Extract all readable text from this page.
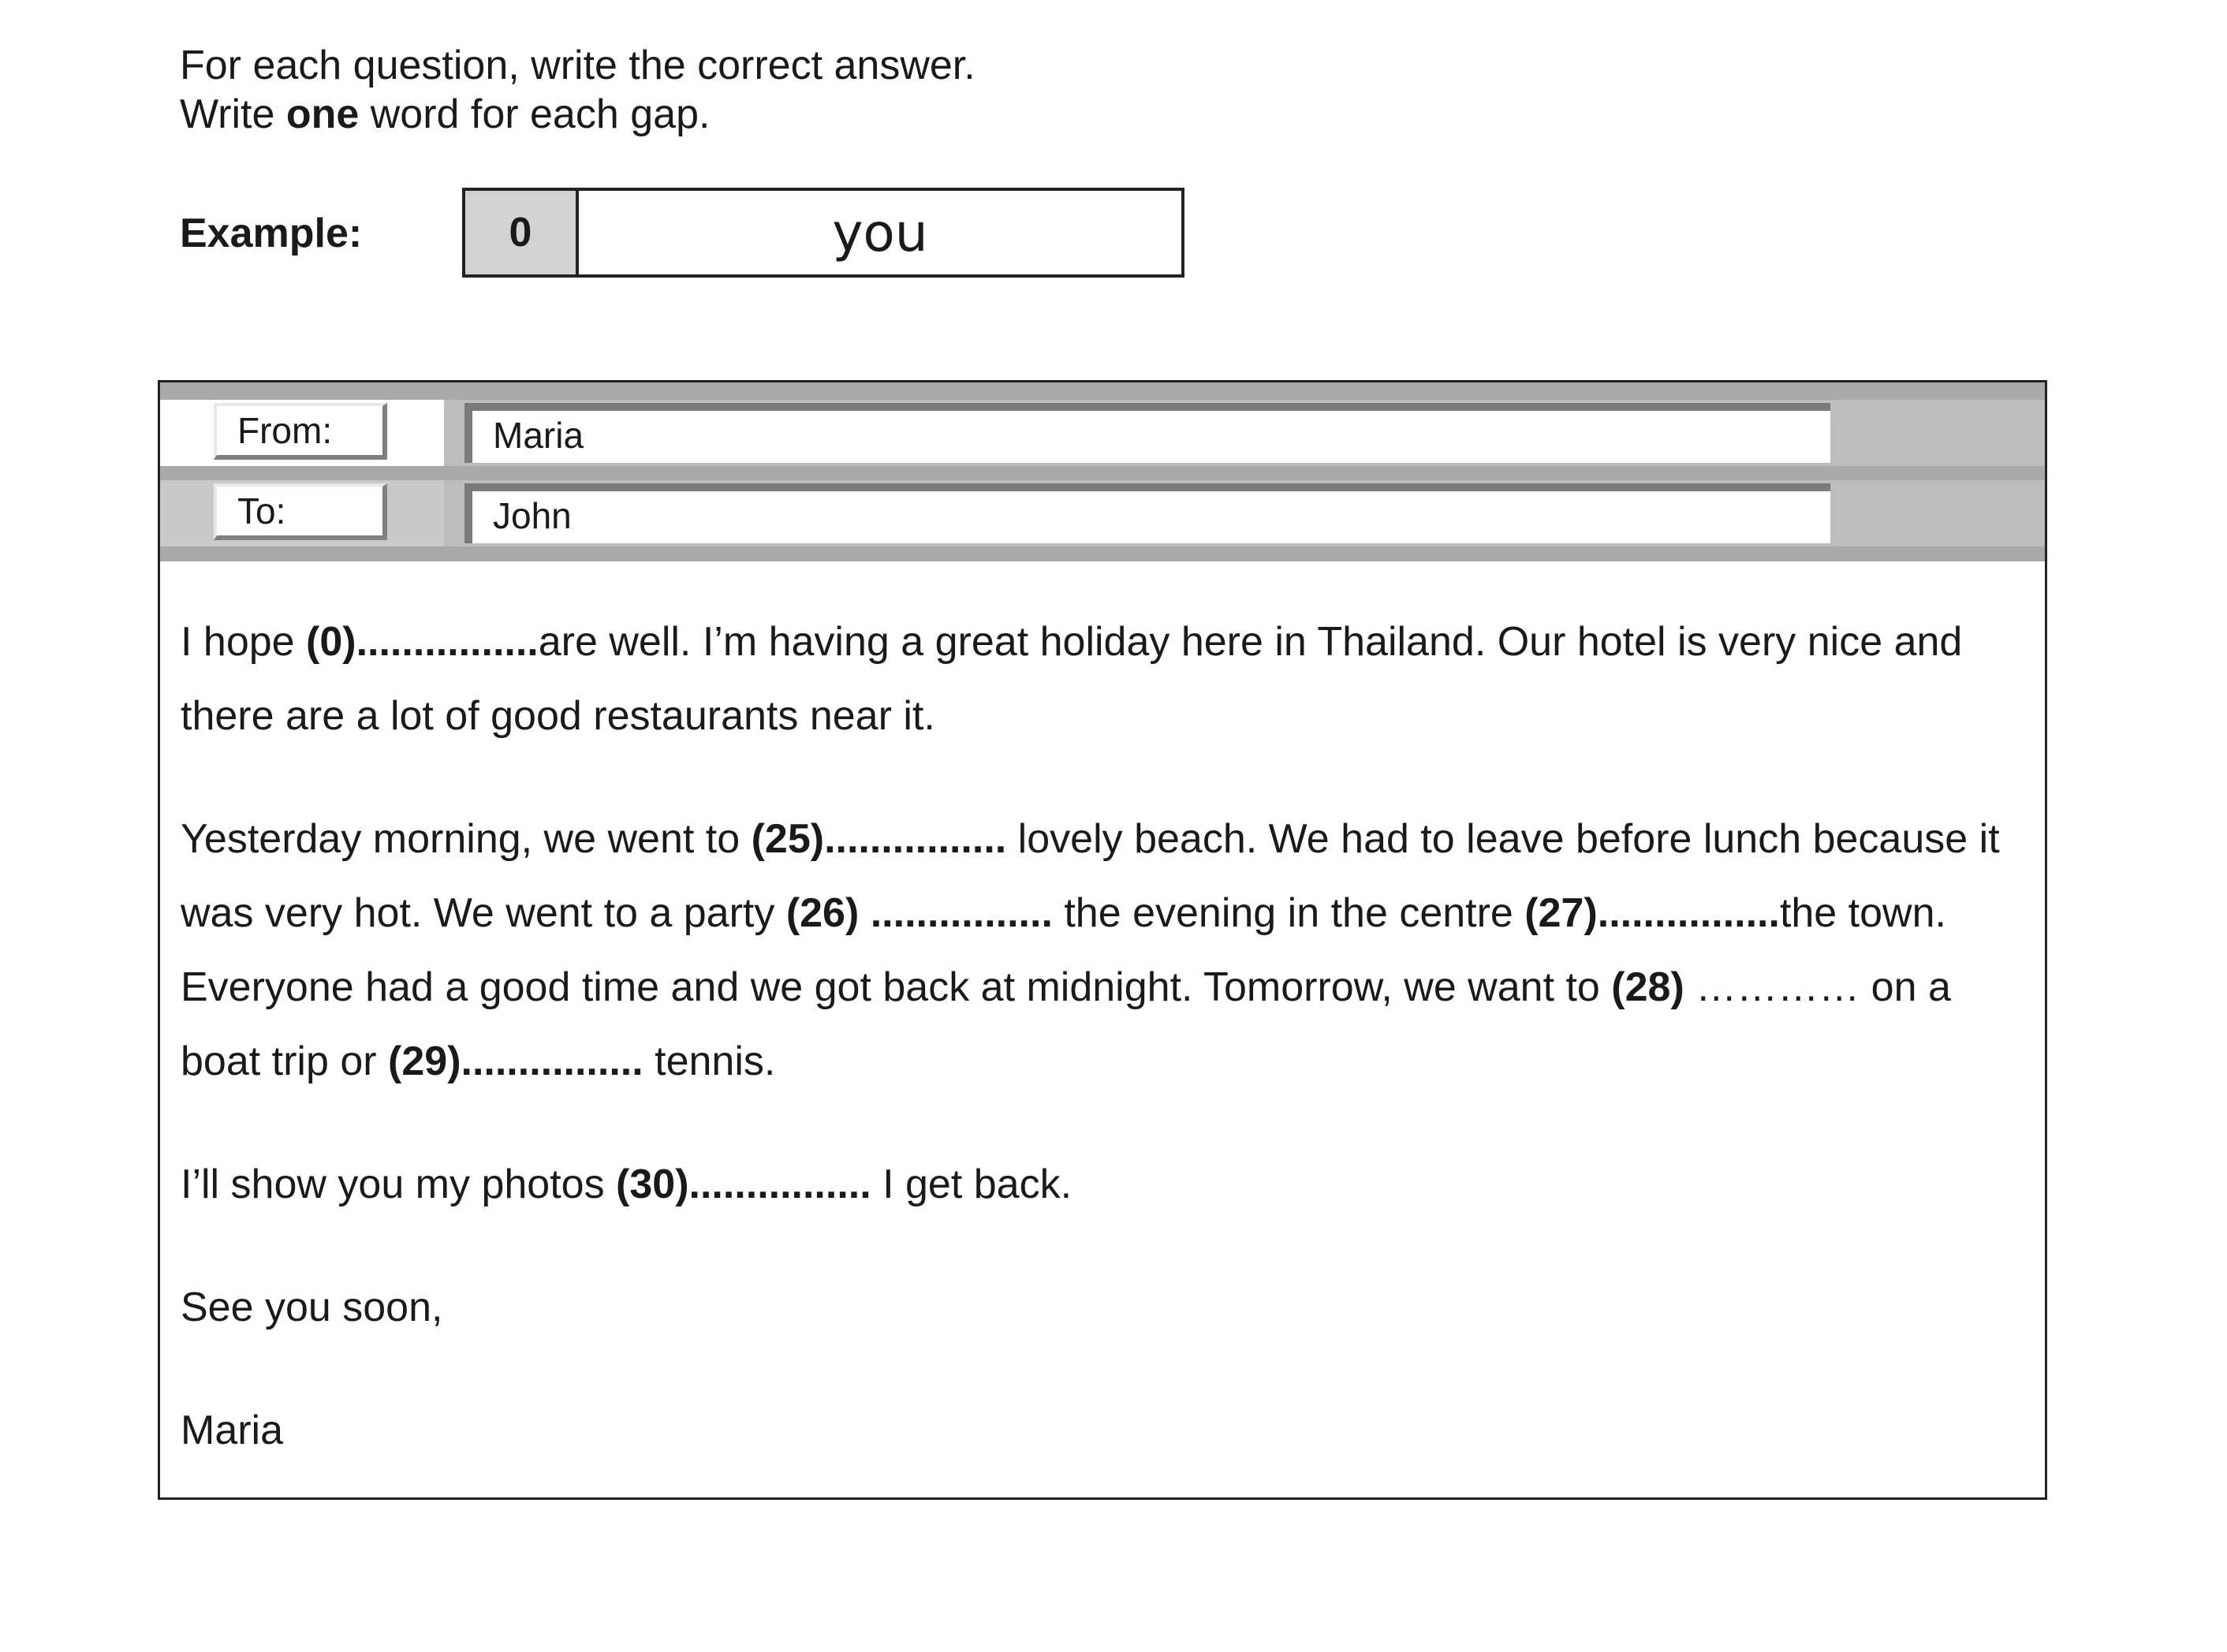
For each question, write the correct answer.
Write one word for each gap.
Example:	0	you
From:	Maria
To:	John

I hope (0)................are well. I’m having a great holiday here in Thailand. Our hotel is very nice and there are a lot of good restaurants near it.

Yesterday morning, we went to (25)................ lovely beach. We had to leave before lunch because it was very hot. We went to a party (26) ................ the evening in the centre (27)................the town. Everyone had a good time and we got back at midnight. Tomorrow, we want to (28) ………… on a boat trip or (29)................ tennis.

I’ll show you my photos (30)................ I get back.

See you soon,

Maria
